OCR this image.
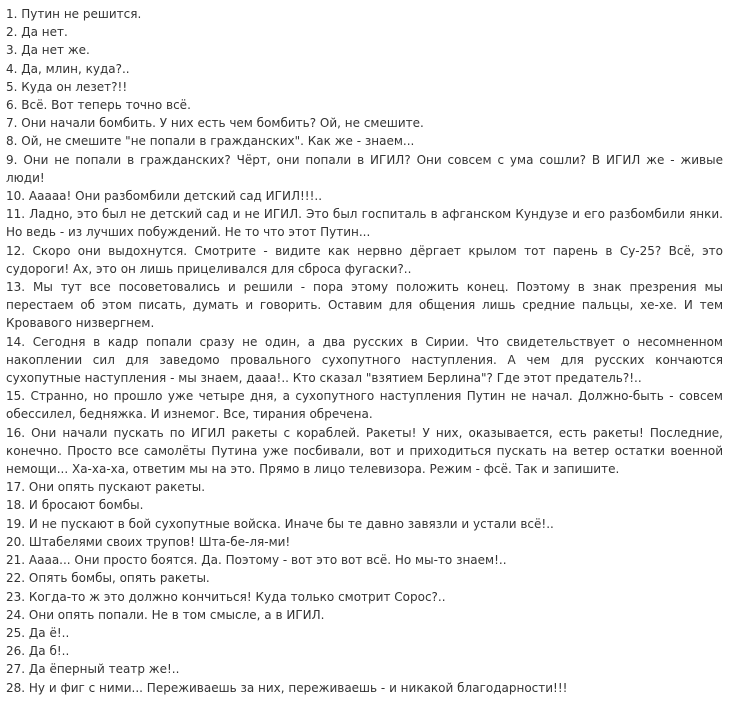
1. Путин не решится.

2. Да нет.

3. Да нет же.

4. Да, млин, куда?..

5. Куда он лезет?!!

6. Всё. Вот теперь точно всё.

7. Они начали бомбить. У них есть чем бомбить? Ой, не смешите.

8. Ой, не смешите "не попали в гражданских". Как же - знаем...

9. Они не попали в гражданских? Чёрт, они попали в ИГИЛ? Они совсем с ума сошли? В ИГИЛ же - живые люди!

10. Ааааа! Они разбомбили детский сад ИГИЛ!!!..

11. Ладно, это был не детский сад и не ИГИЛ. Это был госпиталь в афганском Кундузе и его разбомбили янки. Но ведь - из лучших побуждений. Не то что этот Путин...

12. Скоро они выдохнутся. Смотрите - видите как нервно дёргает крылом тот парень в Су-25? Всё, это судороги! Ах, это он лишь прицеливался для сброса фугаски?..

13. Мы тут все посоветовались и решили - пора этому положить конец. Поэтому в знак презрения мы перестаем об этом писать, думать и говорить. Оставим для общения лишь средние пальцы, хе-хе. И тем Кровавого низвергнем.

14. Сегодня в кадр попали сразу не один, а два русских в Сирии. Что свидетельствует о несомненном накоплении сил для заведомо провального сухопутного наступления. А чем для русских кончаются сухопутные наступления - мы знаем, дааа!.. Кто сказал "взятием Берлина"? Где этот предатель?!..

15. Странно, но прошло уже четыре дня, а сухопутного наступления Путин не начал. Должно-быть - совсем обессилел, бедняжка. И изнемог. Все, тирания обречена.

16. Они начали пускать по ИГИЛ ракеты с кораблей. Ракеты! У них, оказывается, есть ракеты! Последние, конечно. Просто все самолёты Путина уже посбивали, вот и приходиться пускать на ветер остатки военной немощи... Ха-ха-ха, ответим мы на это. Прямо в лицо телевизора. Режим - фсё. Так и запишите.

17. Они опять пускают ракеты.

18. И бросают бомбы.

19. И не пускают в бой сухопутные войска. Иначе бы те давно завязли и устали всё!..

20. Штабелями своих трупов! Шта-бе-ля-ми!

21. Аааа... Они просто боятся. Да. Поэтому - вот это вот всё. Но мы-то знаем!..

22. Опять бомбы, опять ракеты.

23. Когда-то ж это должно кончиться! Куда только смотрит Сорос?..

24. Они опять попали. Не в том смысле, а в ИГИЛ.

25. Да ё!..

26. Да б!..

27. Да ёперный театр же!..

28. Ну и фиг с ними... Переживаешь за них, переживаешь - и никакой благодарности!!!
